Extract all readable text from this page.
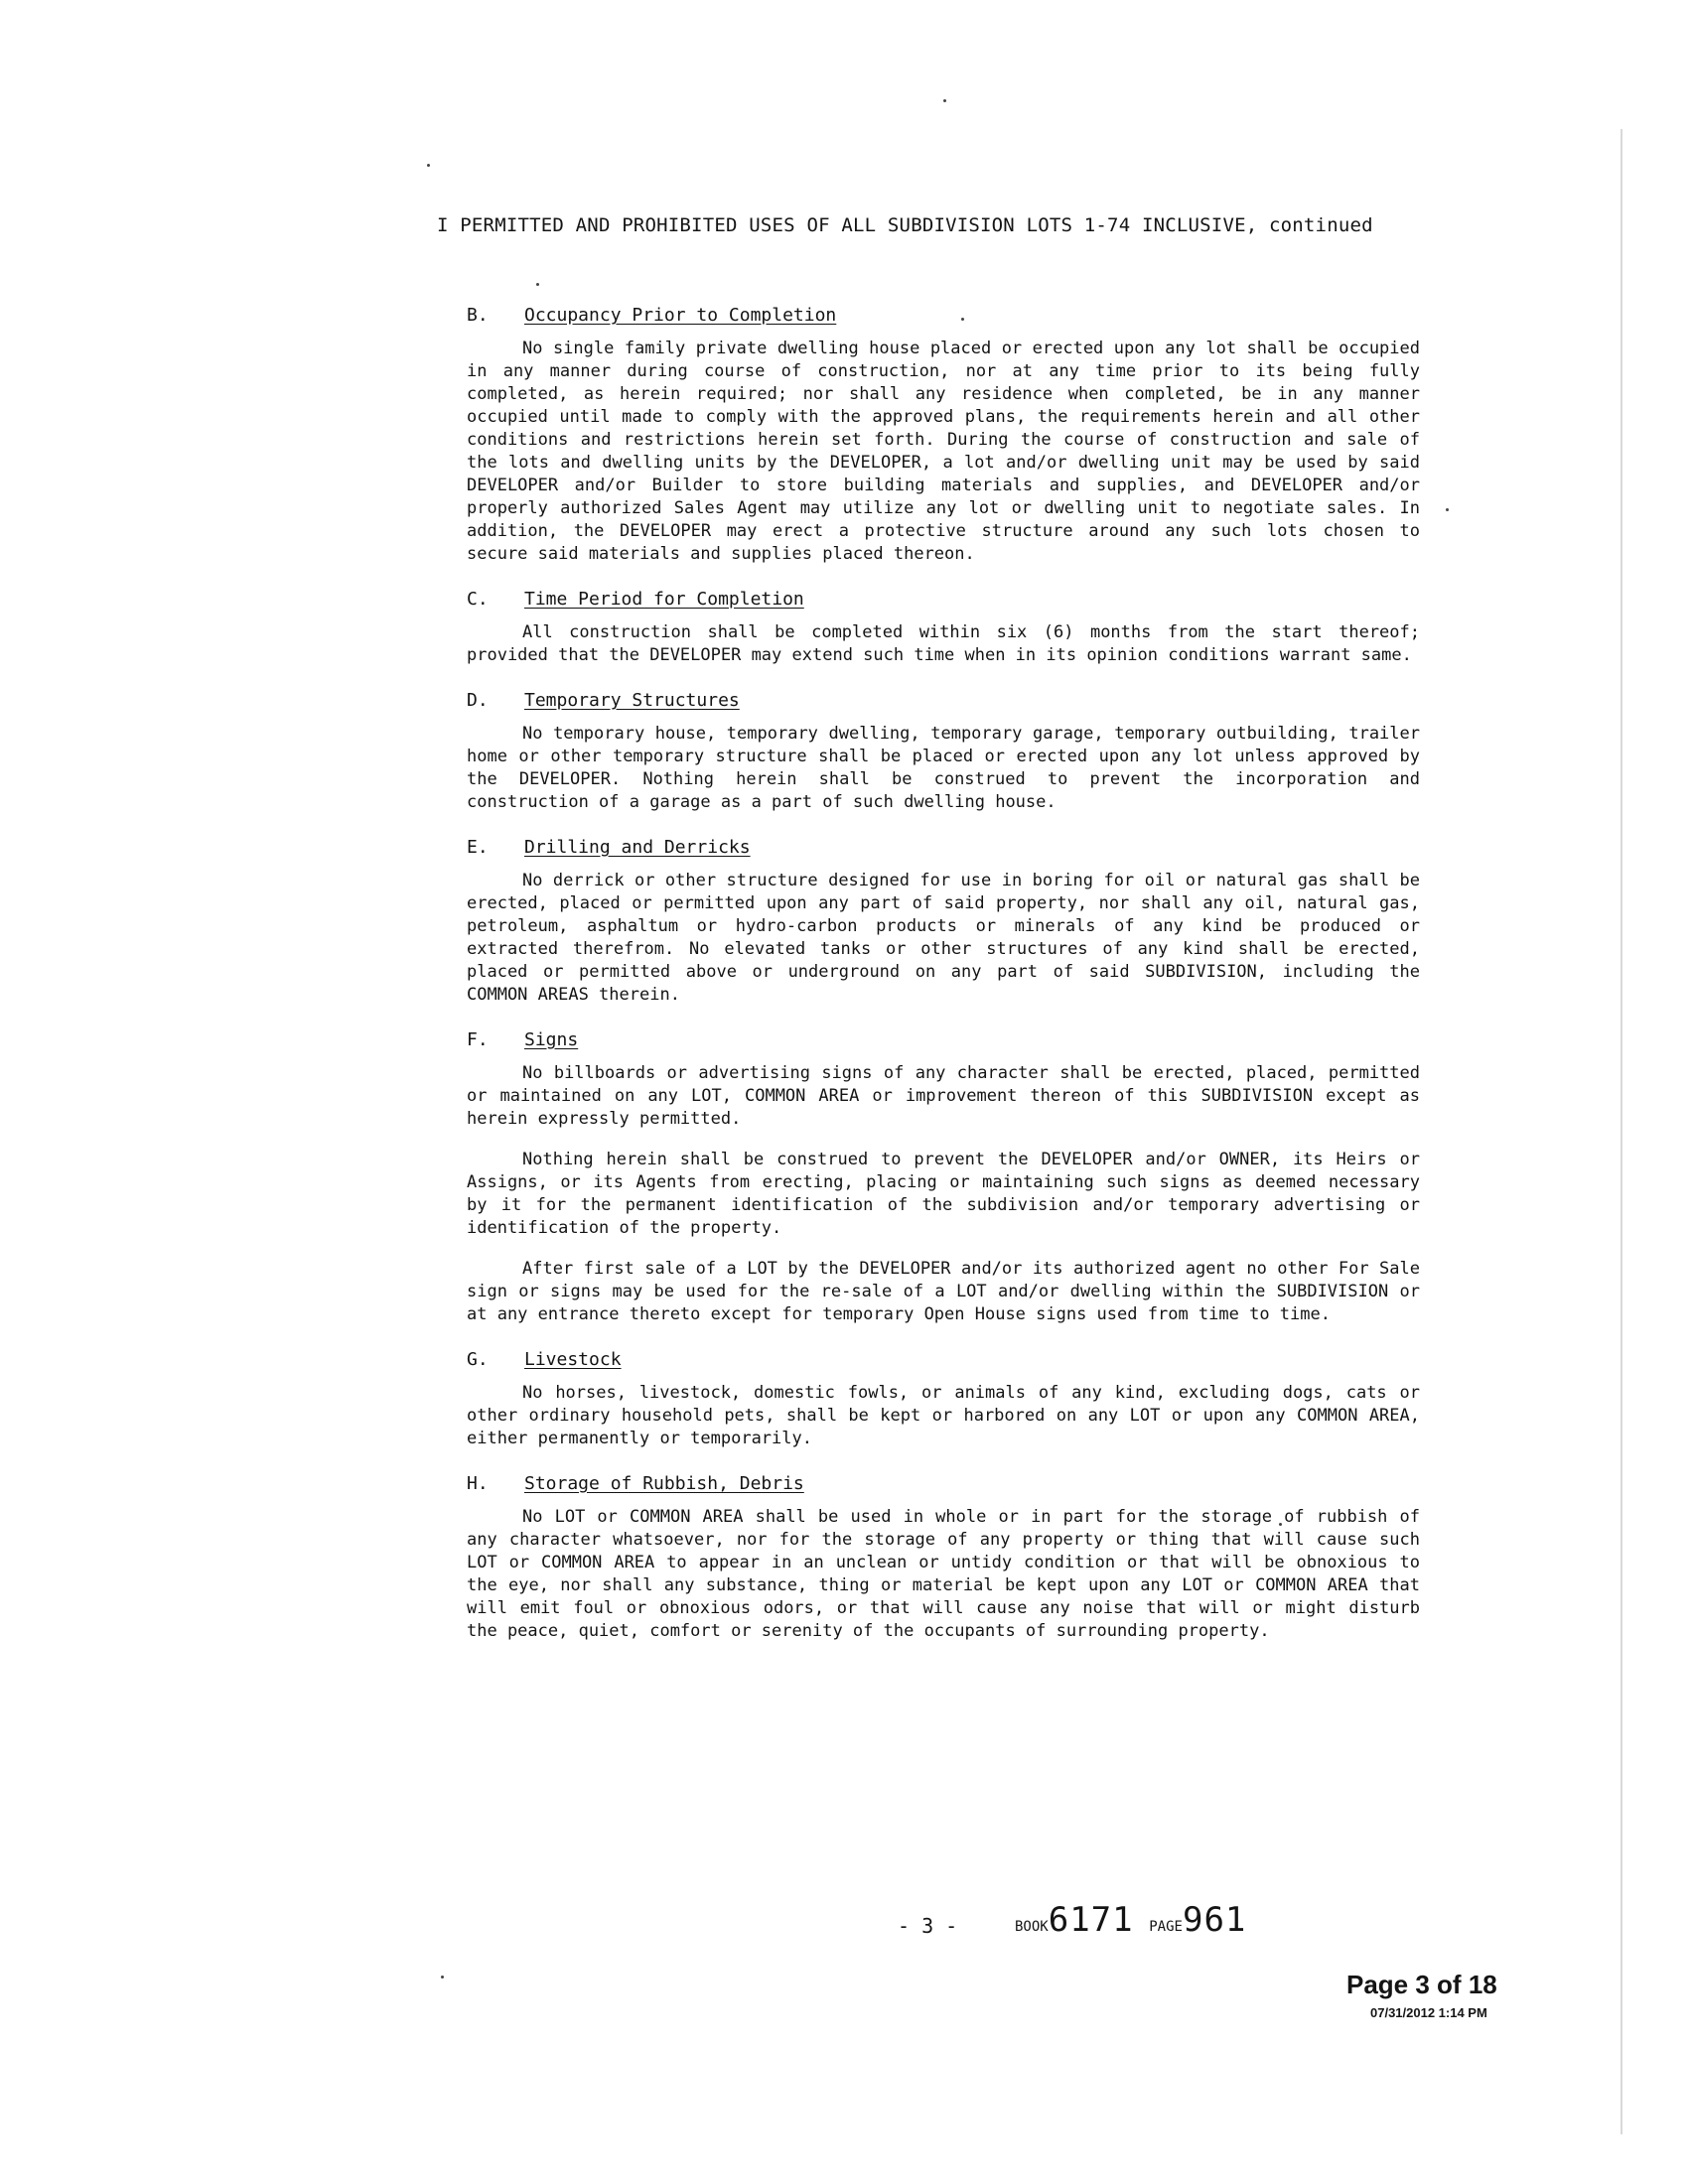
I PERMITTED AND PROHIBITED USES OF ALL SUBDIVISION LOTS 1-74 INCLUSIVE, continued
B. Occupancy Prior to Completion
No single family private dwelling house placed or erected upon any lot shall be occupied in any manner during course of construction, nor at any time prior to its being fully completed, as herein required; nor shall any residence when completed, be in any manner occupied until made to comply with the approved plans, the requirements herein and all other conditions and restrictions herein set forth. During the course of construction and sale of the lots and dwelling units by the DEVELOPER, a lot and/or dwelling unit may be used by said DEVELOPER and/or Builder to store building materials and supplies, and DEVELOPER and/or properly authorized Sales Agent may utilize any lot or dwelling unit to negotiate sales. In addition, the DEVELOPER may erect a protective structure around any such lots chosen to secure said materials and supplies placed thereon.
C. Time Period for Completion
All construction shall be completed within six (6) months from the start thereof; provided that the DEVELOPER may extend such time when in its opinion conditions warrant same.
D. Temporary Structures
No temporary house, temporary dwelling, temporary garage, temporary outbuilding, trailer home or other temporary structure shall be placed or erected upon any lot unless approved by the DEVELOPER. Nothing herein shall be construed to prevent the incorporation and construction of a garage as a part of such dwelling house.
E. Drilling and Derricks
No derrick or other structure designed for use in boring for oil or natural gas shall be erected, placed or permitted upon any part of said property, nor shall any oil, natural gas, petroleum, asphaltum or hydro-carbon products or minerals of any kind be produced or extracted therefrom. No elevated tanks or other structures of any kind shall be erected, placed or permitted above or underground on any part of said SUBDIVISION, including the COMMON AREAS therein.
F. Signs
No billboards or advertising signs of any character shall be erected, placed, permitted or maintained on any LOT, COMMON AREA or improvement thereon of this SUBDIVISION except as herein expressly permitted.
Nothing herein shall be construed to prevent the DEVELOPER and/or OWNER, its Heirs or Assigns, or its Agents from erecting, placing or maintaining such signs as deemed necessary by it for the permanent identification of the subdivision and/or temporary advertising or identification of the property.
After first sale of a LOT by the DEVELOPER and/or its authorized agent no other For Sale sign or signs may be used for the re-sale of a LOT and/or dwelling within the SUBDIVISION or at any entrance thereto except for temporary Open House signs used from time to time.
G. Livestock
No horses, livestock, domestic fowls, or animals of any kind, excluding dogs, cats or other ordinary household pets, shall be kept or harbored on any LOT or upon any COMMON AREA, either permanently or temporarily.
H. Storage of Rubbish, Debris
No LOT or COMMON AREA shall be used in whole or in part for the storage of rubbish of any character whatsoever, nor for the storage of any property or thing that will cause such LOT or COMMON AREA to appear in an unclean or untidy condition or that will be obnoxious to the eye, nor shall any substance, thing or material be kept upon any LOT or COMMON AREA that will emit foul or obnoxious odors, or that will cause any noise that will or might disturb the peace, quiet, comfort or serenity of the occupants of surrounding property.
- 3 -	BOOK6171 PAGE961
Page 3 of 18
07/31/2012 1:14 PM
